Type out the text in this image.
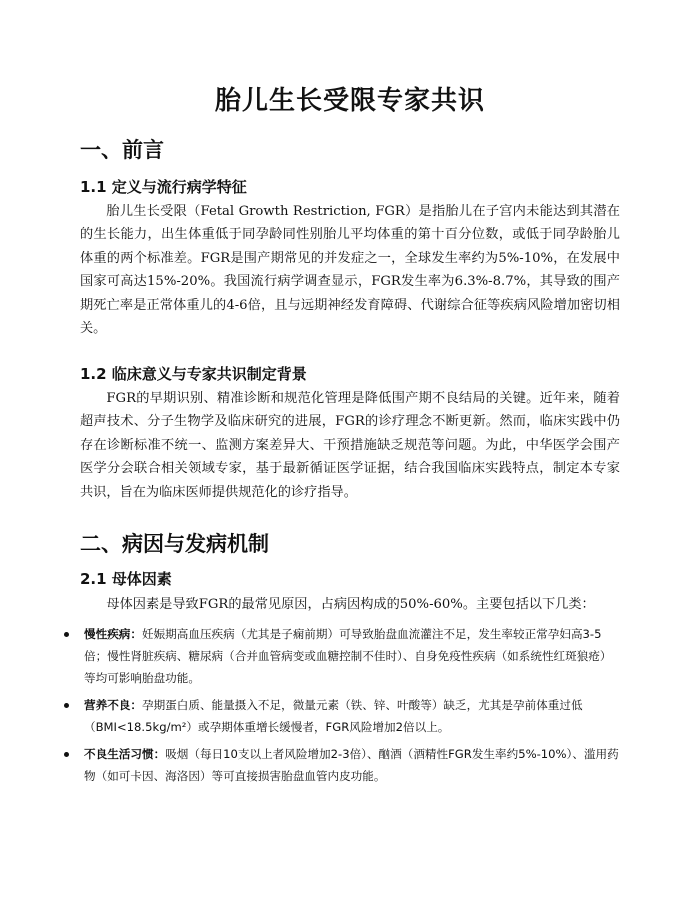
胎儿生长受限专家共识
一、前言
1.1 定义与流行病学特征
胎儿生长受限（Fetal Growth Restriction, FGR）是指胎儿在子宫内未能达到其潜在的生长能力，出生体重低于同孕龄同性别胎儿平均体重的第十百分位数，或低于同孕龄胎儿体重的两个标准差。FGR是围产期常见的并发症之一，全球发生率约为5%-10%，在发展中国家可高达15%-20%。我国流行病学调查显示，FGR发生率为6.3%-8.7%，其导致的围产期死亡率是正常体重儿的4-6倍，且与远期神经发育障碍、代谢综合征等疾病风险增加密切相关。
1.2 临床意义与专家共识制定背景
FGR的早期识别、精准诊断和规范化管理是降低围产期不良结局的关键。近年来，随着超声技术、分子生物学及临床研究的进展，FGR的诊疗理念不断更新。然而，临床实践中仍存在诊断标准不统一、监测方案差异大、干预措施缺乏规范等问题。为此，中华医学会围产医学分会联合相关领域专家，基于最新循证医学证据，结合我国临床实践特点，制定本专家共识，旨在为临床医师提供规范化的诊疗指导。
二、病因与发病机制
2.1 母体因素
母体因素是导致FGR的最常见原因，占病因构成的50%-60%。主要包括以下几类：
慢性疾病：妊娠期高血压疾病（尤其是子痫前期）可导致胎盘血流灌注不足，发生率较正常孕妇高3-5倍；慢性肾脏疾病、糖尿病（合并血管病变或血糖控制不佳时）、自身免疫性疾病（如系统性红斑狼疮）等均可影响胎盘功能。
营养不良：孕期蛋白质、能量摄入不足，微量元素（铁、锌、叶酸等）缺乏，尤其是孕前体重过低（BMI<18.5kg/m²）或孕期体重增长缓慢者，FGR风险增加2倍以上。
不良生活习惯：吸烟（每日10支以上者风险增加2-3倍）、酗酒（酒精性FGR发生率约5%-10%）、滥用药物（如可卡因、海洛因）等可直接损害胎盘血管内皮功能。
